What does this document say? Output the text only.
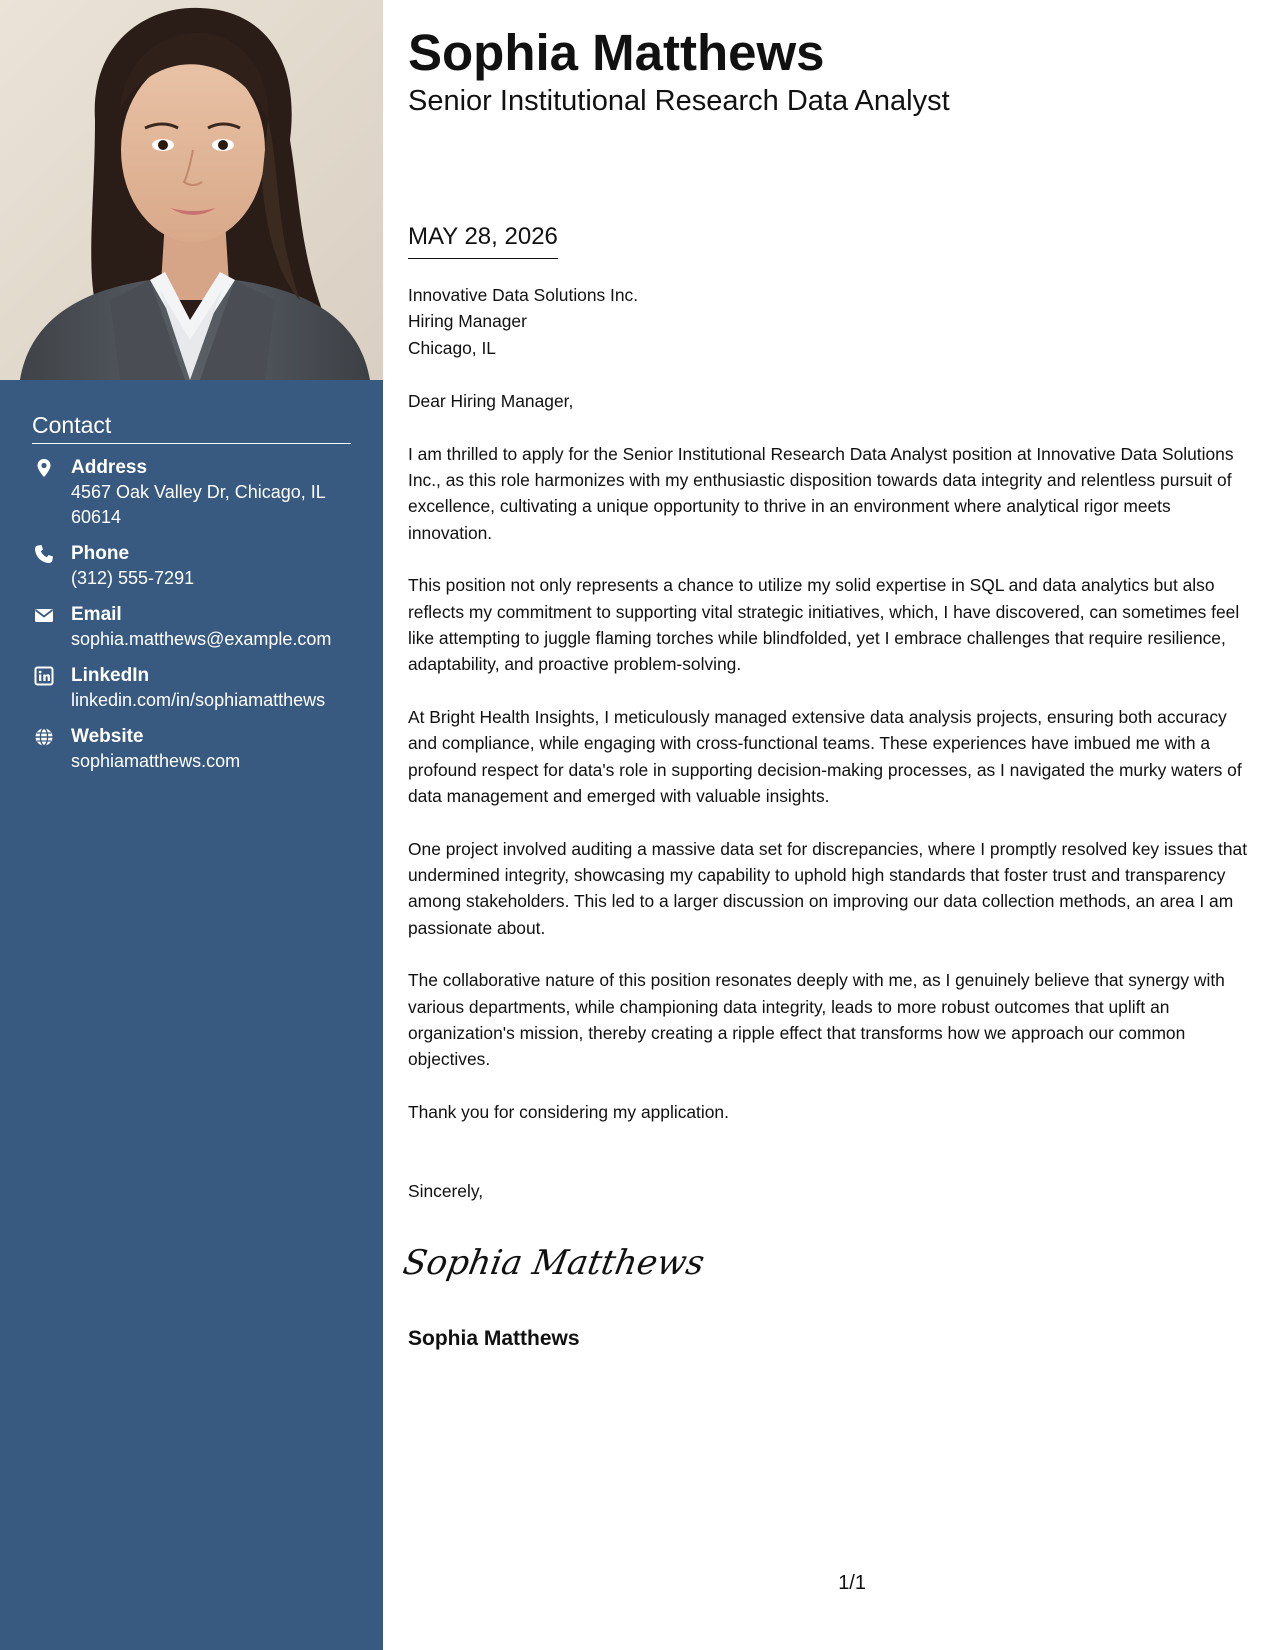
Contact
Address
4567 Oak Valley Dr, Chicago, IL 60614
Phone
(312) 555-7291
Email
sophia.matthews@example.com
LinkedIn
linkedin.com/in/sophiamatthews
Website
sophiamatthews.com
Sophia Matthews
Senior Institutional Research Data Analyst
MAY 28, 2026
Innovative Data Solutions Inc.
Hiring Manager
Chicago, IL
Dear Hiring Manager,

I am thrilled to apply for the Senior Institutional Research Data Analyst position at Innovative Data Solutions Inc., as this role harmonizes with my enthusiastic disposition towards data integrity and relentless pursuit of excellence, cultivating a unique opportunity to thrive in an environment where analytical rigor meets innovation.

This position not only represents a chance to utilize my solid expertise in SQL and data analytics but also reflects my commitment to supporting vital strategic initiatives, which, I have discovered, can sometimes feel like attempting to juggle flaming torches while blindfolded, yet I embrace challenges that require resilience, adaptability, and proactive problem-solving.

At Bright Health Insights, I meticulously managed extensive data analysis projects, ensuring both accuracy and compliance, while engaging with cross-functional teams. These experiences have imbued me with a profound respect for data's role in supporting decision-making processes, as I navigated the murky waters of data management and emerged with valuable insights.

One project involved auditing a massive data set for discrepancies, where I promptly resolved key issues that undermined integrity, showcasing my capability to uphold high standards that foster trust and transparency among stakeholders. This led to a larger discussion on improving our data collection methods, an area I am passionate about.

The collaborative nature of this position resonates deeply with me, as I genuinely believe that synergy with various departments, while championing data integrity, leads to more robust outcomes that uplift an organization's mission, thereby creating a ripple effect that transforms how we approach our common objectives.

Thank you for considering my application.
Sincerely,
Sophia Matthews
Sophia Matthews
1/1
